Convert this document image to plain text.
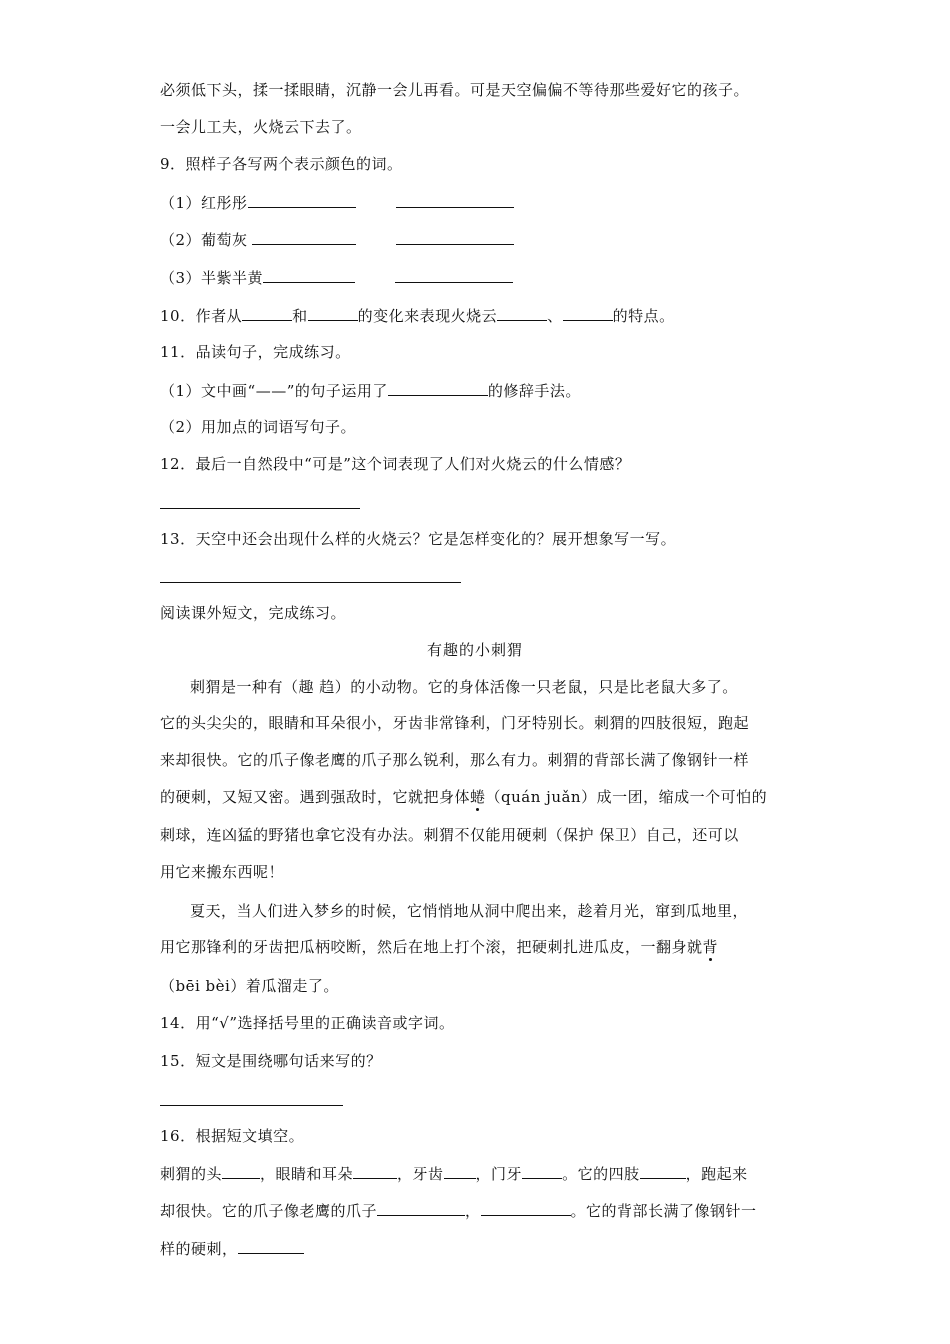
必须低下头，揉一揉眼睛，沉静一会儿再看。可是天空偏偏不等待那些爱好它的孩子。
一会儿工夫，火烧云下去了。
9．照样子各写两个表示颜色的词。
（1）红彤彤
（2）葡萄灰
（3）半紫半黄
10．作者从	和	的变化来表现火烧云	、	的特点。
11．品读句子，完成练习。
（1）文中画“——”的句子运用了	的修辞手法。
（2）用加点的词语写句子。
12．最后一自然段中“可是”这个词表现了人们对火烧云的什么情感？
13．天空中还会出现什么样的火烧云？它是怎样变化的？展开想象写一写。
阅读课外短文，完成练习。
有趣的小刺猬
刺猬是一种有（趣 趋）的小动物。它的身体活像一只老鼠，只是比老鼠大多了。
它的头尖尖的，眼睛和耳朵很小，牙齿非常锋利，门牙特别长。刺猬的四肢很短，跑起
来却很快。它的爪子像老鹰的爪子那么锐利，那么有力。刺猬的背部长满了像钢针一样
的硬刺，又短又密。遇到强敌时，它就把身体蜷（quán juǎn）成一团，缩成一个可怕的
刺球，连凶猛的野猪也拿它没有办法。刺猬不仅能用硬刺（保护 保卫）自己，还可以
用它来搬东西呢！
夏天，当人们进入梦乡的时候，它悄悄地从洞中爬出来，趁着月光，窜到瓜地里，
用它那锋利的牙齿把瓜柄咬断，然后在地上打个滚，把硬刺扎进瓜皮，一翻身就背
（bēi bèi）着瓜溜走了。
14．用“√”选择括号里的正确读音或字词。
15．短文是围绕哪句话来写的？
16．根据短文填空。
刺猬的头	，眼睛和耳朵	，牙齿 ，门牙	。它的四肢	，跑起来
却很快。它的爪子像老鹰的爪子	，	。它的背部长满了像钢针一
样的硬刺，
